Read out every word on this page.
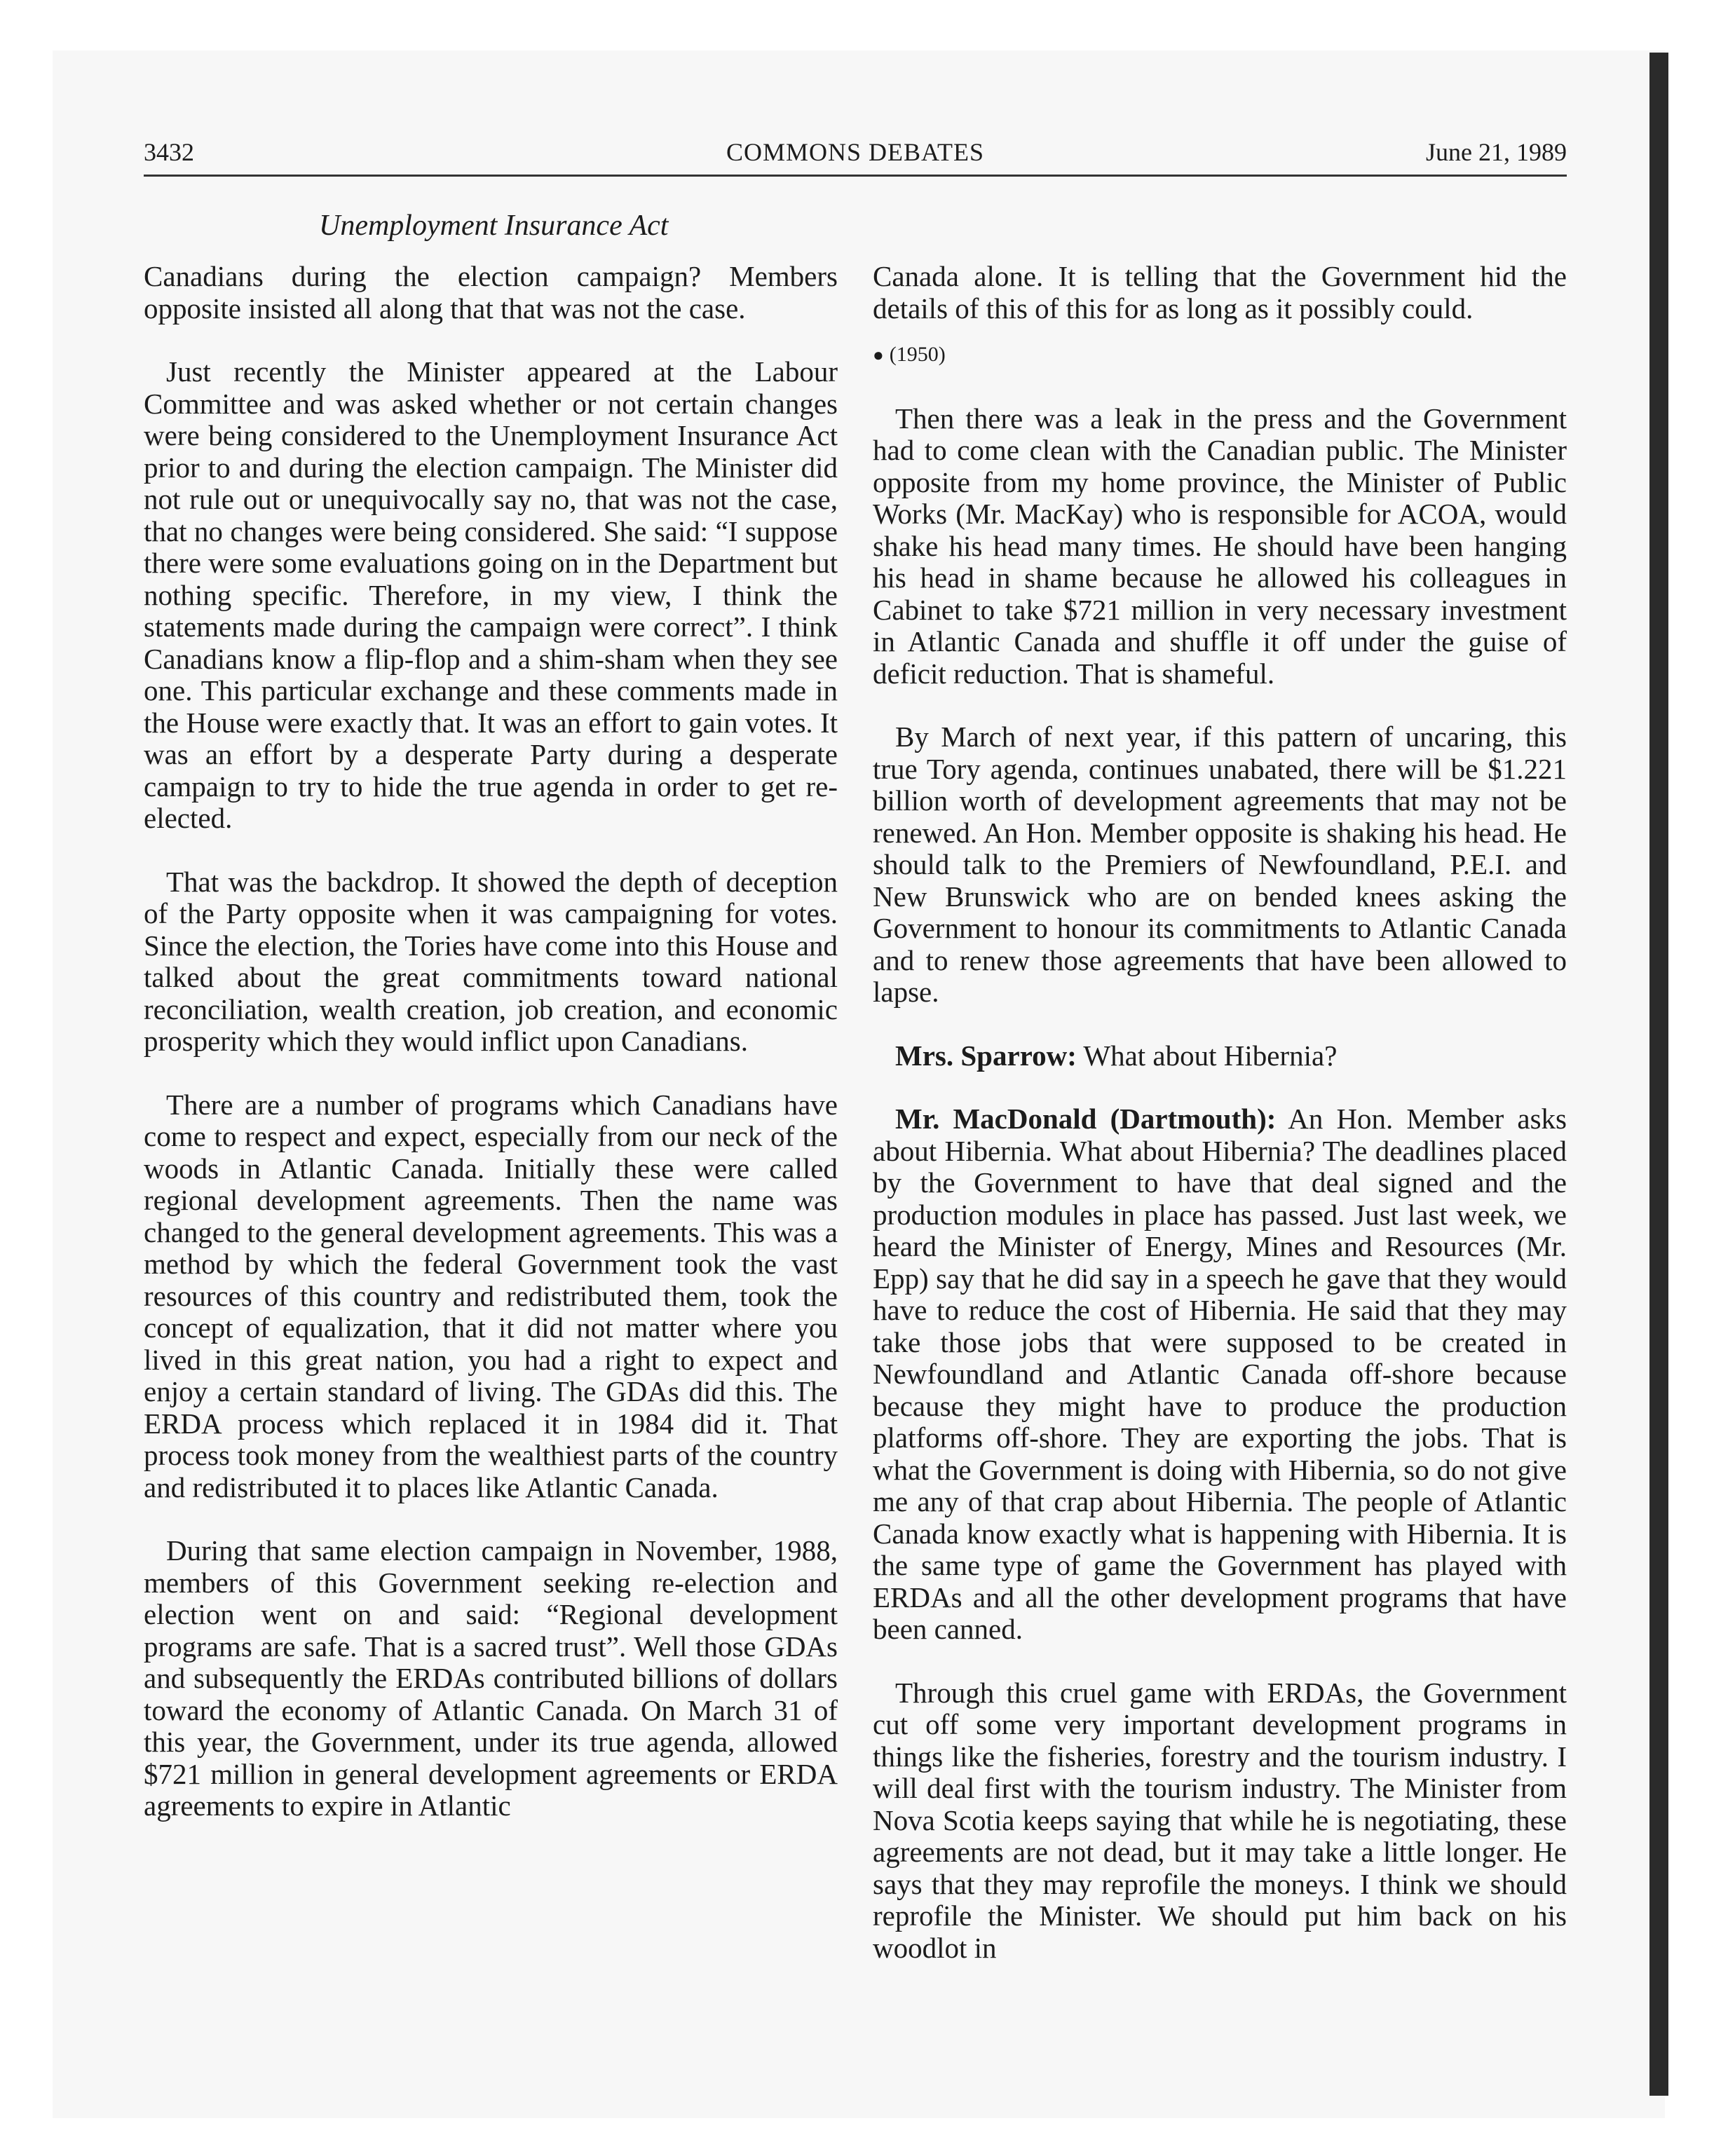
3432	COMMONS DEBATES	June 21, 1989
Unemployment Insurance Act

Canadians during the election campaign? Members opposite insisted all along that that was not the case.

Just recently the Minister appeared at the Labour Committee and was asked whether or not certain changes were being considered to the Unemployment Insurance Act prior to and during the election campaign. The Minister did not rule out or unequivocally say no, that was not the case, that no changes were being considered. She said: “I suppose there were some evaluations going on in the Department but nothing specific. Therefore, in my view, I think the statements made during the campaign were correct”. I think Canadians know a flip-flop and a shim-sham when they see one. This particular exchange and these comments made in the House were exactly that. It was an effort to gain votes. It was an effort by a desperate Party during a desperate campaign to try to hide the true agenda in order to get re-elected.

That was the backdrop. It showed the depth of deception of the Party opposite when it was campaigning for votes. Since the election, the Tories have come into this House and talked about the great commitments toward national reconciliation, wealth creation, job creation, and economic prosperity which they would inflict upon Canadians.

There are a number of programs which Canadians have come to respect and expect, especially from our neck of the woods in Atlantic Canada. Initially these were called regional development agreements. Then the name was changed to the general development agreements. This was a method by which the federal Government took the vast resources of this country and redistributed them, took the concept of equalization, that it did not matter where you lived in this great nation, you had a right to expect and enjoy a certain standard of living. The GDAs did this. The ERDA process which replaced it in 1984 did it. That process took money from the wealthiest parts of the country and redistributed it to places like Atlantic Canada.

During that same election campaign in November, 1988, members of this Government seeking re-election and election went on and said: “Regional development programs are safe. That is a sacred trust”. Well those GDAs and subsequently the ERDAs contributed billions of dollars toward the economy of Atlantic Canada. On March 31 of this year, the Government, under its true agenda, allowed $721 million in general development agreements or ERDA agreements to expire in Atlantic

Canada alone. It is telling that the Government hid the details of this of this for as long as it possibly could.

● (1950)

Then there was a leak in the press and the Government had to come clean with the Canadian public. The Minister opposite from my home province, the Minister of Public Works (Mr. MacKay) who is responsible for ACOA, would shake his head many times. He should have been hanging his head in shame because he allowed his colleagues in Cabinet to take $721 million in very necessary investment in Atlantic Canada and shuffle it off under the guise of deficit reduction. That is shameful.

By March of next year, if this pattern of uncaring, this true Tory agenda, continues unabated, there will be $1.221 billion worth of development agreements that may not be renewed. An Hon. Member opposite is shaking his head. He should talk to the Premiers of Newfoundland, P.E.I. and New Brunswick who are on bended knees asking the Government to honour its commitments to Atlantic Canada and to renew those agreements that have been allowed to lapse.

Mrs. Sparrow: What about Hibernia?

Mr. MacDonald (Dartmouth): An Hon. Member asks about Hibernia. What about Hibernia? The deadlines placed by the Government to have that deal signed and the production modules in place has passed. Just last week, we heard the Minister of Energy, Mines and Resources (Mr. Epp) say that he did say in a speech he gave that they would have to reduce the cost of Hibernia. He said that they may take those jobs that were supposed to be created in Newfoundland and Atlantic Canada off-shore because because they might have to produce the production platforms off-shore. They are exporting the jobs. That is what the Government is doing with Hibernia, so do not give me any of that crap about Hibernia. The people of Atlantic Canada know exactly what is happening with Hibernia. It is the same type of game the Government has played with ERDAs and all the other development programs that have been canned.

Through this cruel game with ERDAs, the Government cut off some very important development programs in things like the fisheries, forestry and the tourism industry. I will deal first with the tourism industry. The Minister from Nova Scotia keeps saying that while he is negotiating, these agreements are not dead, but it may take a little longer. He says that they may reprofile the moneys. I think we should reprofile the Minister. We should put him back on his woodlot in
